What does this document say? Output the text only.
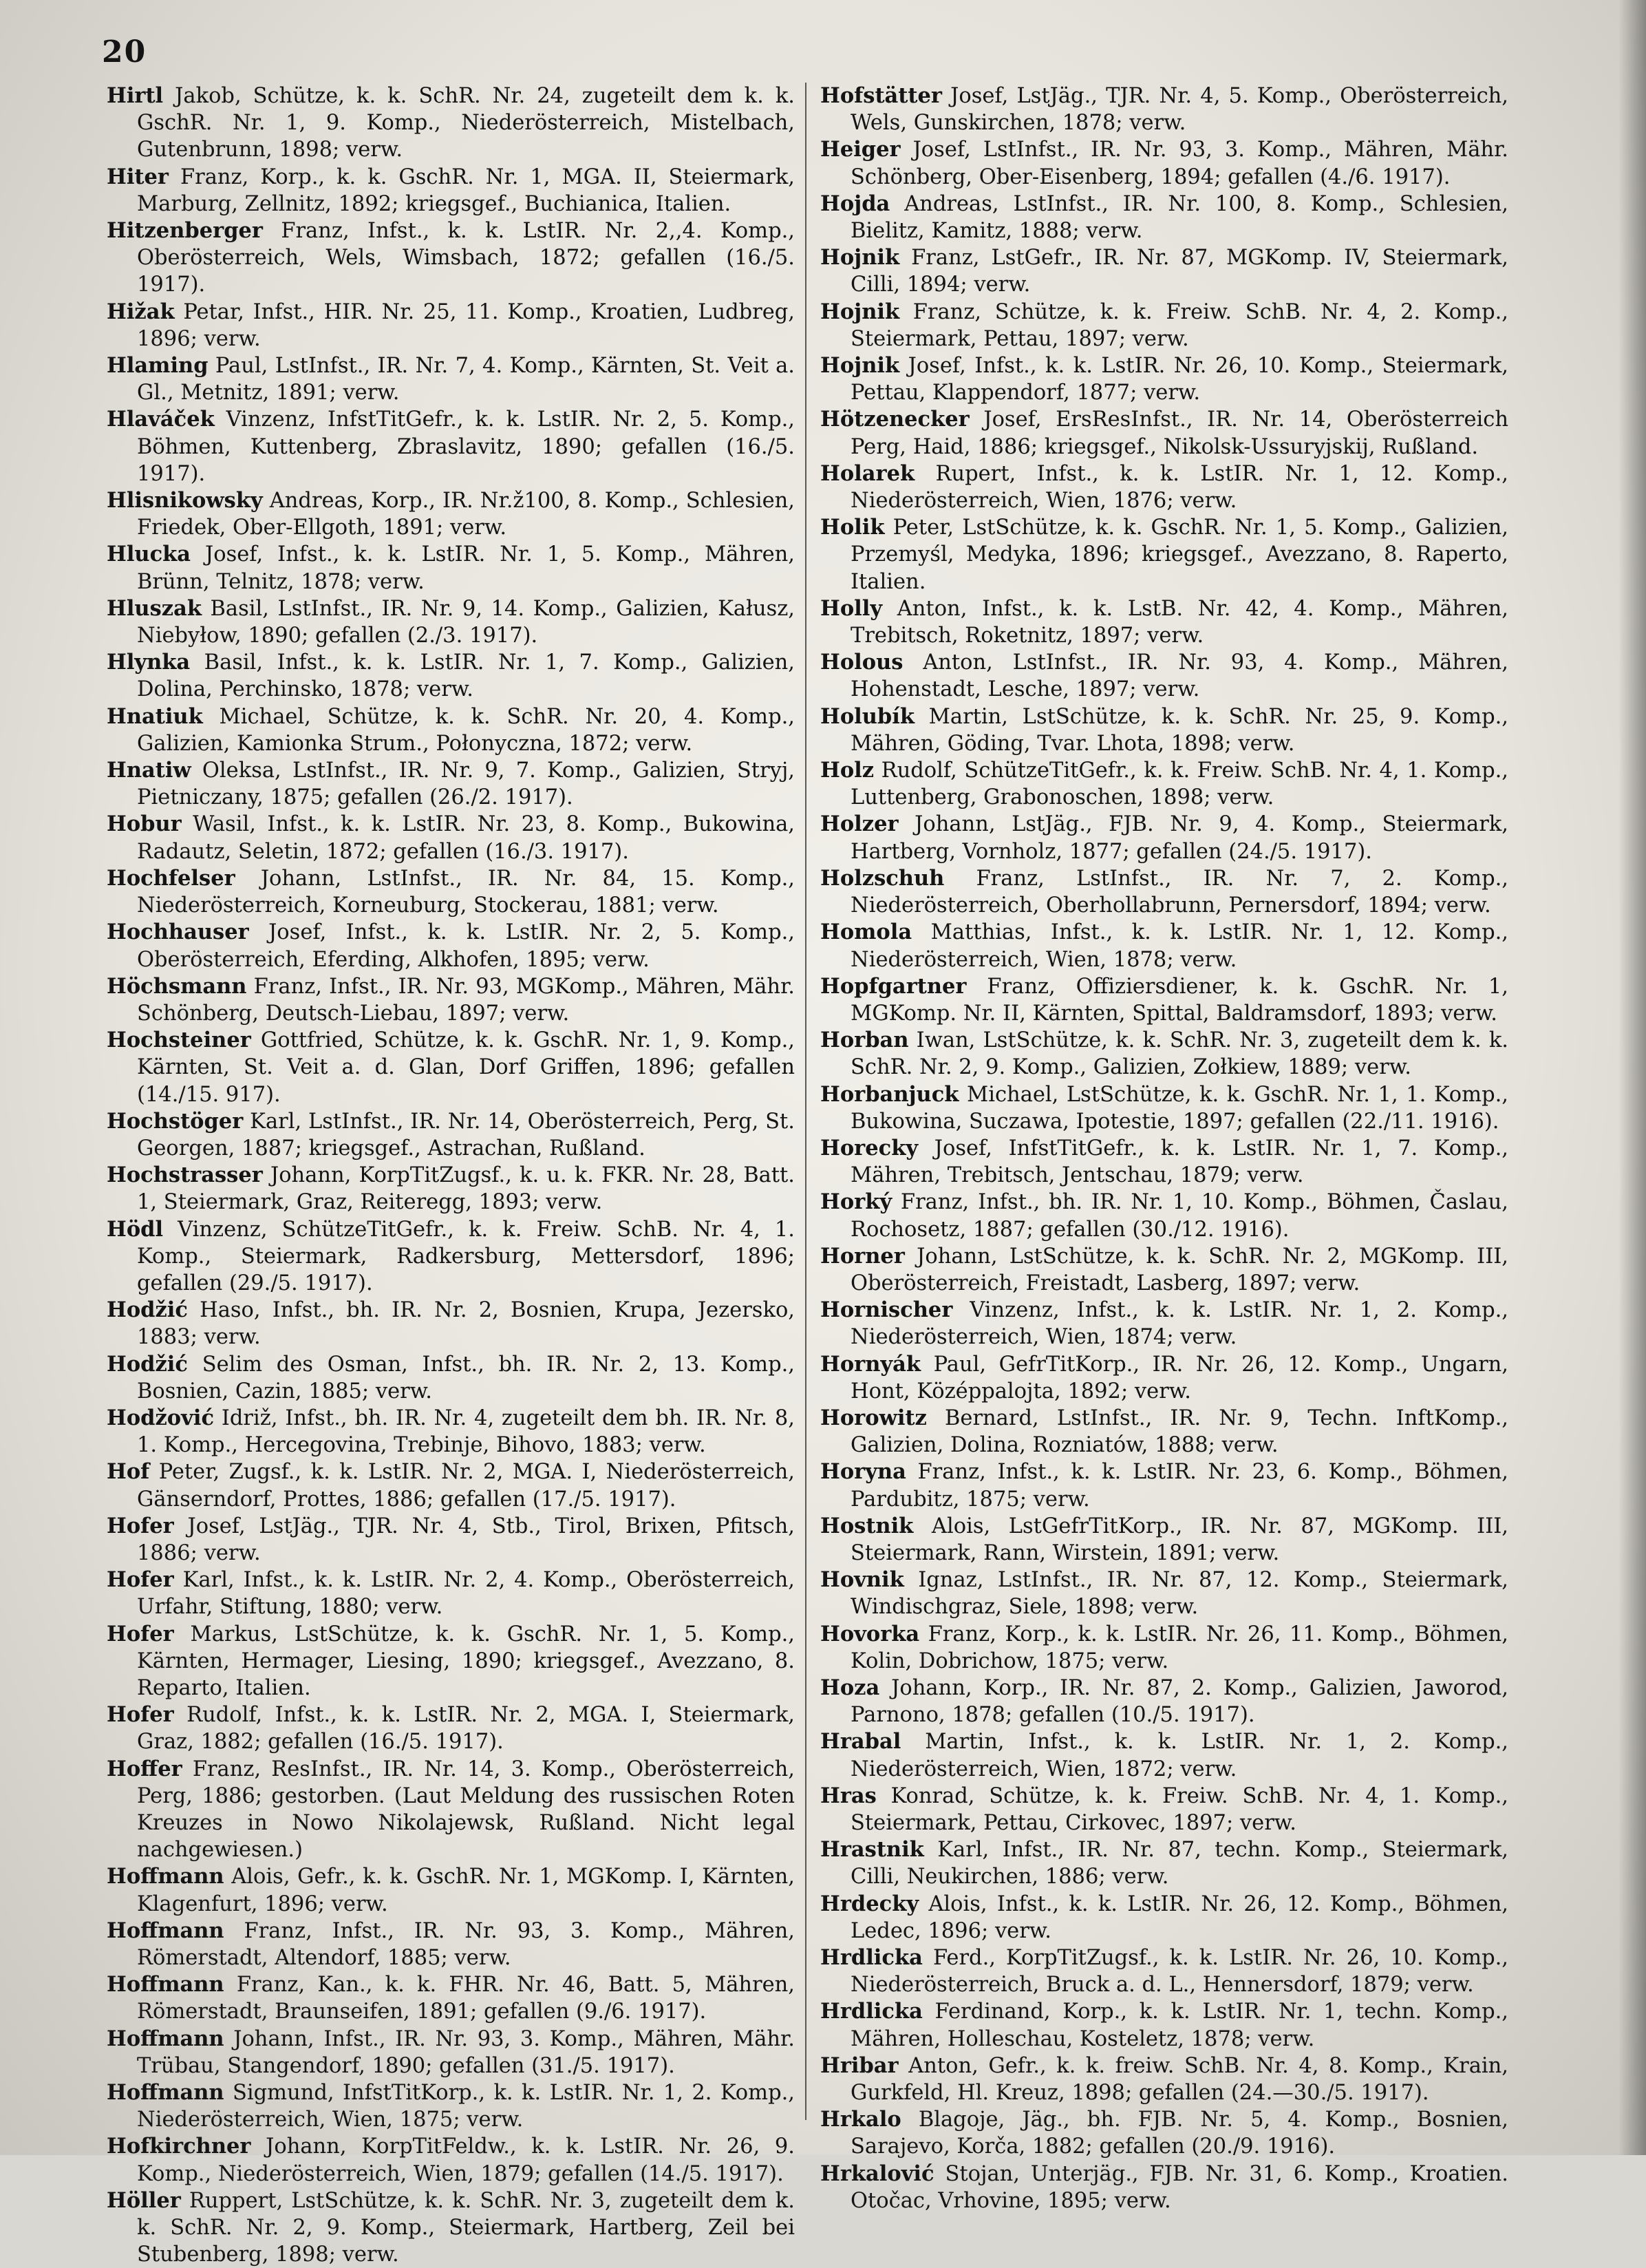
20

Hirtl Jakob, Schütze, k. k. SchR. Nr. 24, zugeteilt dem k. k. GschR. Nr. 1, 9. Komp., Niederösterreich, Mistelbach, Gutenbrunn, 1898; verw.

Hiter Franz, Korp., k. k. GschR. Nr. 1, MGA. II, Steiermark, Marburg, Zellnitz, 1892; kriegsgef., Buchianica, Italien.

Hitzenberger Franz, Infst., k. k. LstIR. Nr. 2,,4. Komp., Oberösterreich, Wels, Wimsbach, 1872; gefallen (16./5. 1917).

Hižak Petar, Infst., HIR. Nr. 25, 11. Komp., Kroatien, Ludbreg, 1896; verw.

Hlaming Paul, LstInfst., IR. Nr. 7, 4. Komp., Kärnten, St. Veit a. Gl., Metnitz, 1891; verw.

Hlaváček Vinzenz, InfstTitGefr., k. k. LstIR. Nr. 2, 5. Komp., Böhmen, Kuttenberg, Zbraslavitz, 1890; gefallen (16./5. 1917).

Hlisnikowsky Andreas, Korp., IR. Nr.ž100, 8. Komp., Schlesien, Friedek, Ober-Ellgoth, 1891; verw.

Hlucka Josef, Infst., k. k. LstIR. Nr. 1, 5. Komp., Mähren, Brünn, Telnitz, 1878; verw.

Hluszak Basil, LstInfst., IR. Nr. 9, 14. Komp., Galizien, Kałusz, Niebyłow, 1890; gefallen (2./3. 1917).

Hlynka Basil, Infst., k. k. LstIR. Nr. 1, 7. Komp., Galizien, Dolina, Perchinsko, 1878; verw.

Hnatiuk Michael, Schütze, k. k. SchR. Nr. 20, 4. Komp., Galizien, Kamionka Strum., Połonyczna, 1872; verw.

Hnatiw Oleksa, LstInfst., IR. Nr. 9, 7. Komp., Galizien, Stryj, Pietniczany, 1875; gefallen (26./2. 1917).

Hobur Wasil, Infst., k. k. LstIR. Nr. 23, 8. Komp., Bukowina, Radautz, Seletin, 1872; gefallen (16./3. 1917).

Hochfelser Johann, LstInfst., IR. Nr. 84, 15. Komp., Niederösterreich, Korneuburg, Stockerau, 1881; verw.

Hochhauser Josef, Infst., k. k. LstIR. Nr. 2, 5. Komp., Oberösterreich, Eferding, Alkhofen, 1895; verw.

Höchsmann Franz, Infst., IR. Nr. 93, MGKomp., Mähren, Mähr. Schönberg, Deutsch-Liebau, 1897; verw.

Hochsteiner Gottfried, Schütze, k. k. GschR. Nr. 1, 9. Komp., Kärnten, St. Veit a. d. Glan, Dorf Griffen, 1896; gefallen (14./15. 917).

Hochstöger Karl, LstInfst., IR. Nr. 14, Oberösterreich, Perg, St. Georgen, 1887; kriegsgef., Astrachan, Rußland.

Hochstrasser Johann, KorpTitZugsf., k. u. k. FKR. Nr. 28, Batt. 1, Steiermark, Graz, Reiteregg, 1893; verw.

Hödl Vinzenz, SchützeTitGefr., k. k. Freiw. SchB. Nr. 4, 1. Komp., Steiermark, Radkersburg, Mettersdorf, 1896; gefallen (29./5. 1917).

Hodžić Haso, Infst., bh. IR. Nr. 2, Bosnien, Krupa, Jezersko, 1883; verw.

Hodžić Selim des Osman, Infst., bh. IR. Nr. 2, 13. Komp., Bosnien, Cazin, 1885; verw.

Hodžović Idriž, Infst., bh. IR. Nr. 4, zugeteilt dem bh. IR. Nr. 8, 1. Komp., Hercegovina, Trebinje, Bihovo, 1883; verw.

Hof Peter, Zugsf., k. k. LstIR. Nr. 2, MGA. I, Niederösterreich, Gänserndorf, Prottes, 1886; gefallen (17./5. 1917).

Hofer Josef, LstJäg., TJR. Nr. 4, Stb., Tirol, Brixen, Pfitsch, 1886; verw.

Hofer Karl, Infst., k. k. LstIR. Nr. 2, 4. Komp., Oberösterreich, Urfahr, Stiftung, 1880; verw.

Hofer Markus, LstSchütze, k. k. GschR. Nr. 1, 5. Komp., Kärnten, Hermager, Liesing, 1890; kriegsgef., Avezzano, 8. Reparto, Italien.

Hofer Rudolf, Infst., k. k. LstIR. Nr. 2, MGA. I, Steiermark, Graz, 1882; gefallen (16./5. 1917).

Hoffer Franz, ResInfst., IR. Nr. 14, 3. Komp., Oberösterreich, Perg, 1886; gestorben. (Laut Meldung des russischen Roten Kreuzes in Nowo Nikolajewsk, Rußland. Nicht legal nachgewiesen.)

Hoffmann Alois, Gefr., k. k. GschR. Nr. 1, MGKomp. I, Kärnten, Klagenfurt, 1896; verw.

Hoffmann Franz, Infst., IR. Nr. 93, 3. Komp., Mähren, Römerstadt, Altendorf, 1885; verw.

Hoffmann Franz, Kan., k. k. FHR. Nr. 46, Batt. 5, Mähren, Römerstadt, Braunseifen, 1891; gefallen (9./6. 1917).

Hoffmann Johann, Infst., IR. Nr. 93, 3. Komp., Mähren, Mähr. Trübau, Stangendorf, 1890; gefallen (31./5. 1917).

Hoffmann Sigmund, InfstTitKorp., k. k. LstIR. Nr. 1, 2. Komp., Niederösterreich, Wien, 1875; verw.

Hofkirchner Johann, KorpTitFeldw., k. k. LstIR. Nr. 26, 9. Komp., Niederösterreich, Wien, 1879; gefallen (14./5. 1917).

Höller Ruppert, LstSchütze, k. k. SchR. Nr. 3, zugeteilt dem k. k. SchR. Nr. 2, 9. Komp., Steiermark, Hartberg, Zeil bei Stubenberg, 1898; verw.

Hofstätter Josef, LstJäg., TJR. Nr. 4, 5. Komp., Oberösterreich, Wels, Gunskirchen, 1878; verw.

Heiger Josef, LstInfst., IR. Nr. 93, 3. Komp., Mähren, Mähr. Schönberg, Ober-Eisenberg, 1894; gefallen (4./6. 1917).

Hojda Andreas, LstInfst., IR. Nr. 100, 8. Komp., Schlesien, Bielitz, Kamitz, 1888; verw.

Hojnik Franz, LstGefr., IR. Nr. 87, MGKomp. IV, Steiermark, Cilli, 1894; verw.

Hojnik Franz, Schütze, k. k. Freiw. SchB. Nr. 4, 2. Komp., Steiermark, Pettau, 1897; verw.

Hojnik Josef, Infst., k. k. LstIR. Nr. 26, 10. Komp., Steiermark, Pettau, Klappendorf, 1877; verw.

Hötzenecker Josef, ErsResInfst., IR. Nr. 14, Oberösterreich Perg, Haid, 1886; kriegsgef., Nikolsk-Ussuryjskij, Rußland.

Holarek Rupert, Infst., k. k. LstIR. Nr. 1, 12. Komp., Niederösterreich, Wien, 1876; verw.

Holik Peter, LstSchütze, k. k. GschR. Nr. 1, 5. Komp., Galizien, Przemyśl, Medyka, 1896; kriegsgef., Avezzano, 8. Raperto, Italien.

Holly Anton, Infst., k. k. LstB. Nr. 42, 4. Komp., Mähren, Trebitsch, Roketnitz, 1897; verw.

Holous Anton, LstInfst., IR. Nr. 93, 4. Komp., Mähren, Hohenstadt, Lesche, 1897; verw.

Holubík Martin, LstSchütze, k. k. SchR. Nr. 25, 9. Komp., Mähren, Göding, Tvar. Lhota, 1898; verw.

Holz Rudolf, SchützeTitGefr., k. k. Freiw. SchB. Nr. 4, 1. Komp., Luttenberg, Grabonoschen, 1898; verw.

Holzer Johann, LstJäg., FJB. Nr. 9, 4. Komp., Steiermark, Hartberg, Vornholz, 1877; gefallen (24./5. 1917).

Holzschuh Franz, LstInfst., IR. Nr. 7, 2. Komp., Niederösterreich, Oberhollabrunn, Pernersdorf, 1894; verw.

Homola Matthias, Infst., k. k. LstIR. Nr. 1, 12. Komp., Niederösterreich, Wien, 1878; verw.

Hopfgartner Franz, Offiziersdiener, k. k. GschR. Nr. 1, MGKomp. Nr. II, Kärnten, Spittal, Baldramsdorf, 1893; verw.

Horban Iwan, LstSchütze, k. k. SchR. Nr. 3, zugeteilt dem k. k. SchR. Nr. 2, 9. Komp., Galizien, Zołkiew, 1889; verw.

Horbanjuck Michael, LstSchütze, k. k. GschR. Nr. 1, 1. Komp., Bukowina, Suczawa, Ipotestie, 1897; gefallen (22./11. 1916).

Horecky Josef, InfstTitGefr., k. k. LstIR. Nr. 1, 7. Komp., Mähren, Trebitsch, Jentschau, 1879; verw.

Horký Franz, Infst., bh. IR. Nr. 1, 10. Komp., Böhmen, Časlau, Rochosetz, 1887; gefallen (30./12. 1916).

Horner Johann, LstSchütze, k. k. SchR. Nr. 2, MGKomp. III, Oberösterreich, Freistadt, Lasberg, 1897; verw.

Hornischer Vinzenz, Infst., k. k. LstIR. Nr. 1, 2. Komp., Niederösterreich, Wien, 1874; verw.

Hornyák Paul, GefrTitKorp., IR. Nr. 26, 12. Komp., Ungarn, Hont, Középpalojta, 1892; verw.

Horowitz Bernard, LstInfst., IR. Nr. 9, Techn. InftKomp., Galizien, Dolina, Rozniatów, 1888; verw.

Horyna Franz, Infst., k. k. LstIR. Nr. 23, 6. Komp., Böhmen, Pardubitz, 1875; verw.

Hostnik Alois, LstGefrTitKorp., IR. Nr. 87, MGKomp. III, Steiermark, Rann, Wirstein, 1891; verw.

Hovnik Ignaz, LstInfst., IR. Nr. 87, 12. Komp., Steiermark, Windischgraz, Siele, 1898; verw.

Hovorka Franz, Korp., k. k. LstIR. Nr. 26, 11. Komp., Böhmen, Kolin, Dobrichow, 1875; verw.

Hoza Johann, Korp., IR. Nr. 87, 2. Komp., Galizien, Jaworod, Parnono, 1878; gefallen (10./5. 1917).

Hrabal Martin, Infst., k. k. LstIR. Nr. 1, 2. Komp., Niederösterreich, Wien, 1872; verw.

Hras Konrad, Schütze, k. k. Freiw. SchB. Nr. 4, 1. Komp., Steiermark, Pettau, Cirkovec, 1897; verw.

Hrastnik Karl, Infst., IR. Nr. 87, techn. Komp., Steiermark, Cilli, Neukirchen, 1886; verw.

Hrdecky Alois, Infst., k. k. LstIR. Nr. 26, 12. Komp., Böhmen, Ledec, 1896; verw.

Hrdlicka Ferd., KorpTitZugsf., k. k. LstIR. Nr. 26, 10. Komp., Niederösterreich, Bruck a. d. L., Hennersdorf, 1879; verw.

Hrdlicka Ferdinand, Korp., k. k. LstIR. Nr. 1, techn. Komp., Mähren, Holleschau, Kosteletz, 1878; verw.

Hribar Anton, Gefr., k. k. freiw. SchB. Nr. 4, 8. Komp., Krain, Gurkfeld, Hl. Kreuz, 1898; gefallen (24.—30./5. 1917).

Hrkalo Blagoje, Jäg., bh. FJB. Nr. 5, 4. Komp., Bosnien, Sarajevo, Korča, 1882; gefallen (20./9. 1916).

Hrkalović Stojan, Unterjäg., FJB. Nr. 31, 6. Komp., Kroatien. Otočac, Vrhovine, 1895; verw.
